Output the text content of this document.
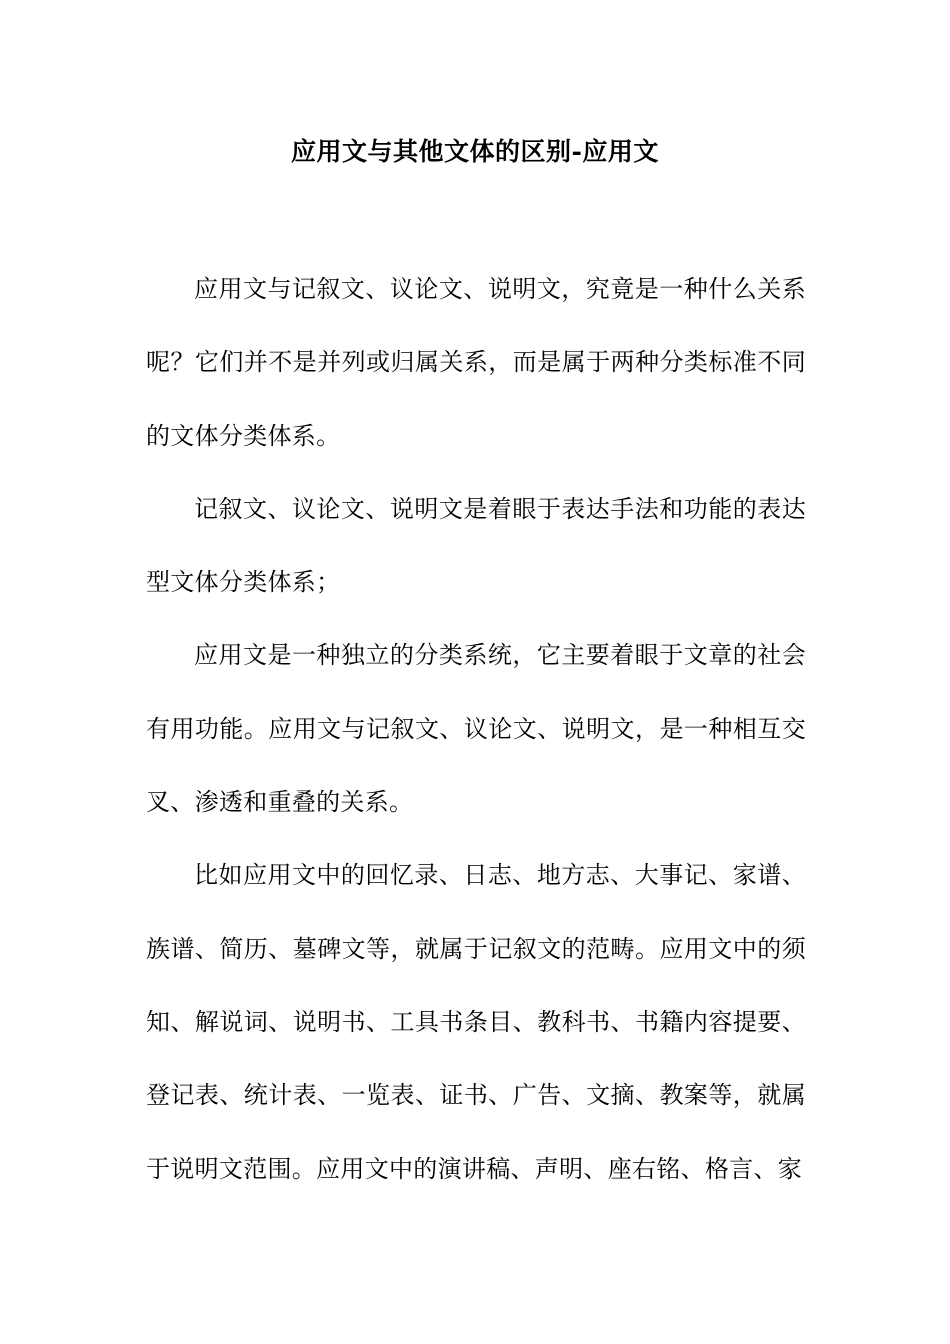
应用文与其他文体的区别-应用文

应用文与记叙文、议论文、说明文，究竟是一种什么关系呢？它们并不是并列或归属关系，而是属于两种分类标准不同的文体分类体系。

记叙文、议论文、说明文是着眼于表达手法和功能的表达型文体分类体系；

应用文是一种独立的分类系统，它主要着眼于文章的社会有用功能。应用文与记叙文、议论文、说明文，是一种相互交叉、渗透和重叠的关系。

比如应用文中的回忆录、日志、地方志、大事记、家谱、族谱、简历、墓碑文等，就属于记叙文的范畴。应用文中的须知、解说词、说明书、工具书条目、教科书、书籍内容提要、登记表、统计表、一览表、证书、广告、文摘、教案等，就属于说明文范围。应用文中的演讲稿、声明、座右铭、格言、家
